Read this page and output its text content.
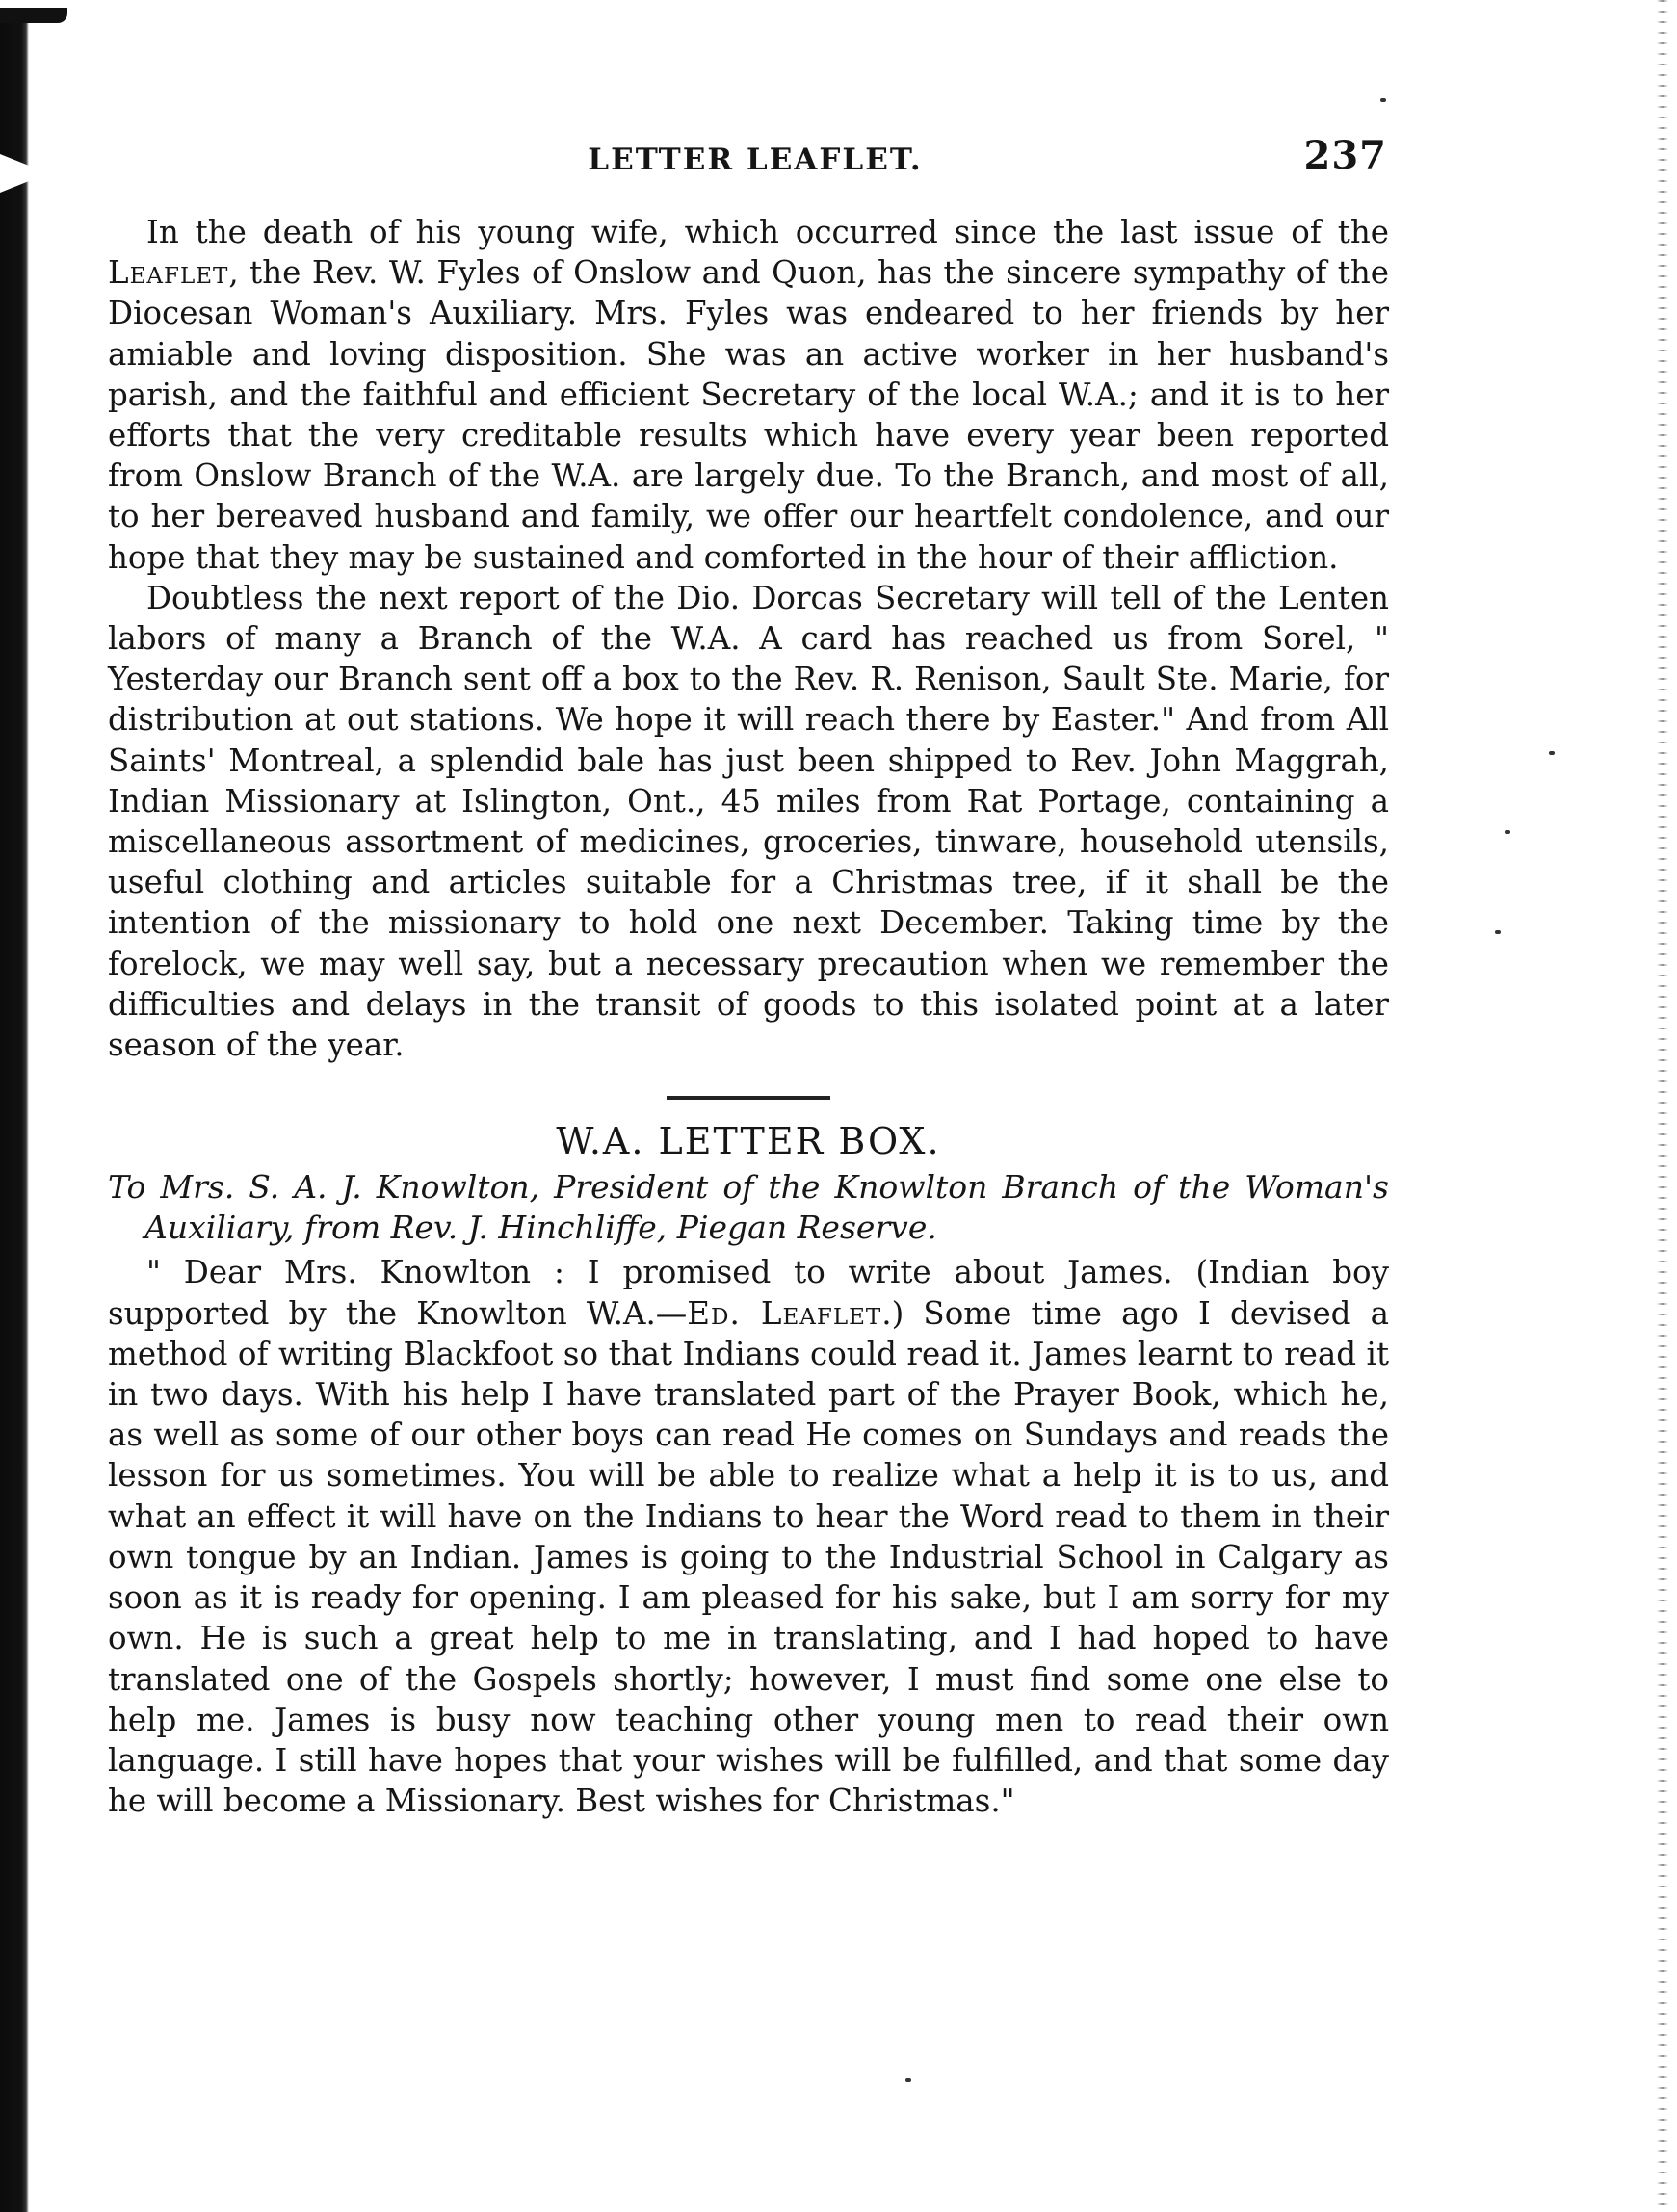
LETTER LEAFLET.	237

In the death of his young wife, which occurred since the last issue of the Leaflet, the Rev. W. Fyles of Onslow and Quon, has the sincere sympathy of the Diocesan Woman's Auxiliary. Mrs. Fyles was endeared to her friends by her amiable and loving disposition. She was an active worker in her husband's parish, and the faithful and efficient Secretary of the local W.A.; and it is to her efforts that the very creditable results which have every year been reported from Onslow Branch of the W.A. are largely due. To the Branch, and most of all, to her bereaved husband and family, we offer our heartfelt condolence, and our hope that they may be sustained and comforted in the hour of their affliction.

Doubtless the next report of the Dio. Dorcas Secretary will tell of the Lenten labors of many a Branch of the W.A. A card has reached us from Sorel, " Yesterday our Branch sent off a box to the Rev. R. Renison, Sault Ste. Marie, for distribution at out stations. We hope it will reach there by Easter." And from All Saints' Montreal, a splendid bale has just been shipped to Rev. John Maggrah, Indian Missionary at Islington, Ont., 45 miles from Rat Portage, containing a miscellaneous assortment of medicines, groceries, tinware, household utensils, useful clothing and articles suitable for a Christmas tree, if it shall be the intention of the missionary to hold one next December. Taking time by the forelock, we may well say, but a necessary precaution when we remember the difficulties and delays in the transit of goods to this isolated point at a later season of the year.

W.A. LETTER BOX.

To Mrs. S. A. J. Knowlton, President of the Knowlton Branch of the Woman's Auxiliary, from Rev. J. Hinchliffe, Piegan Reserve.

" Dear Mrs. Knowlton : I promised to write about James. (Indian boy supported by the Knowlton W.A.—Ed. Leaflet.) Some time ago I devised a method of writing Blackfoot so that Indians could read it. James learnt to read it in two days. With his help I have translated part of the Prayer Book, which he, as well as some of our other boys can read He comes on Sundays and reads the lesson for us sometimes. You will be able to realize what a help it is to us, and what an effect it will have on the Indians to hear the Word read to them in their own tongue by an Indian. James is going to the Industrial School in Calgary as soon as it is ready for opening. I am pleased for his sake, but I am sorry for my own. He is such a great help to me in translating, and I had hoped to have translated one of the Gospels shortly; however, I must find some one else to help me. James is busy now teaching other young men to read their own language. I still have hopes that your wishes will be fulfilled, and that some day he will become a Missionary. Best wishes for Christmas."
